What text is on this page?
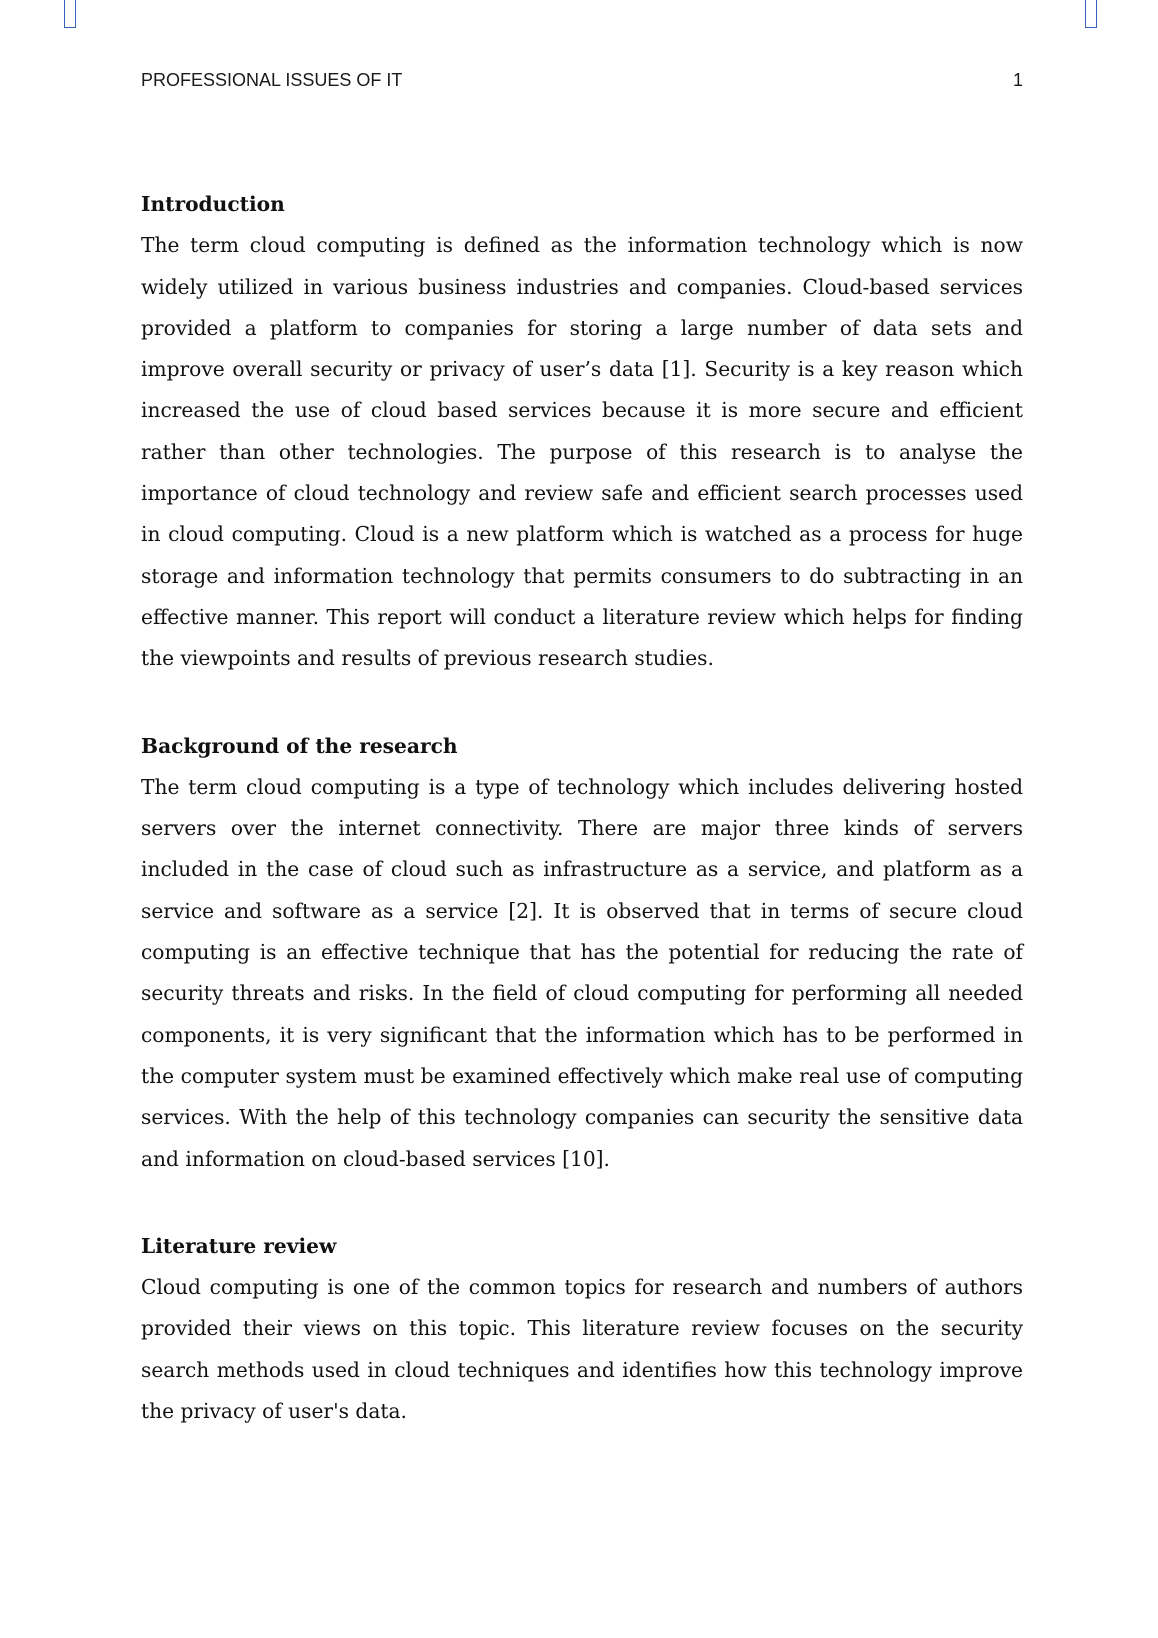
PROFESSIONAL ISSUES OF IT	1
Introduction

The term cloud computing is defined as the information technology which is now widely utilized in various business industries and companies. Cloud-based services provided a platform to companies for storing a large number of data sets and improve overall security or privacy of user’s data [1]. Security is a key reason which increased the use of cloud based services because it is more secure and efficient rather than other technologies. The purpose of this research is to analyse the importance of cloud technology and review safe and efficient search processes used in cloud computing. Cloud is a new platform which is watched as a process for huge storage and information technology that permits consumers to do subtracting in an effective manner. This report will conduct a literature review which helps for finding the viewpoints and results of previous research studies.

Background of the research

The term cloud computing is a type of technology which includes delivering hosted servers over the internet connectivity. There are major three kinds of servers included in the case of cloud such as infrastructure as a service, and platform as a service and software as a service [2]. It is observed that in terms of secure cloud computing is an effective technique that has the potential for reducing the rate of security threats and risks. In the field of cloud computing for performing all needed components, it is very significant that the information which has to be performed in the computer system must be examined effectively which make real use of computing services. With the help of this technology companies can security the sensitive data and information on cloud-based services [10].

Literature review

Cloud computing is one of the common topics for research and numbers of authors provided their views on this topic. This literature review focuses on the security search methods used in cloud techniques and identifies how this technology improve the privacy of user's data.
